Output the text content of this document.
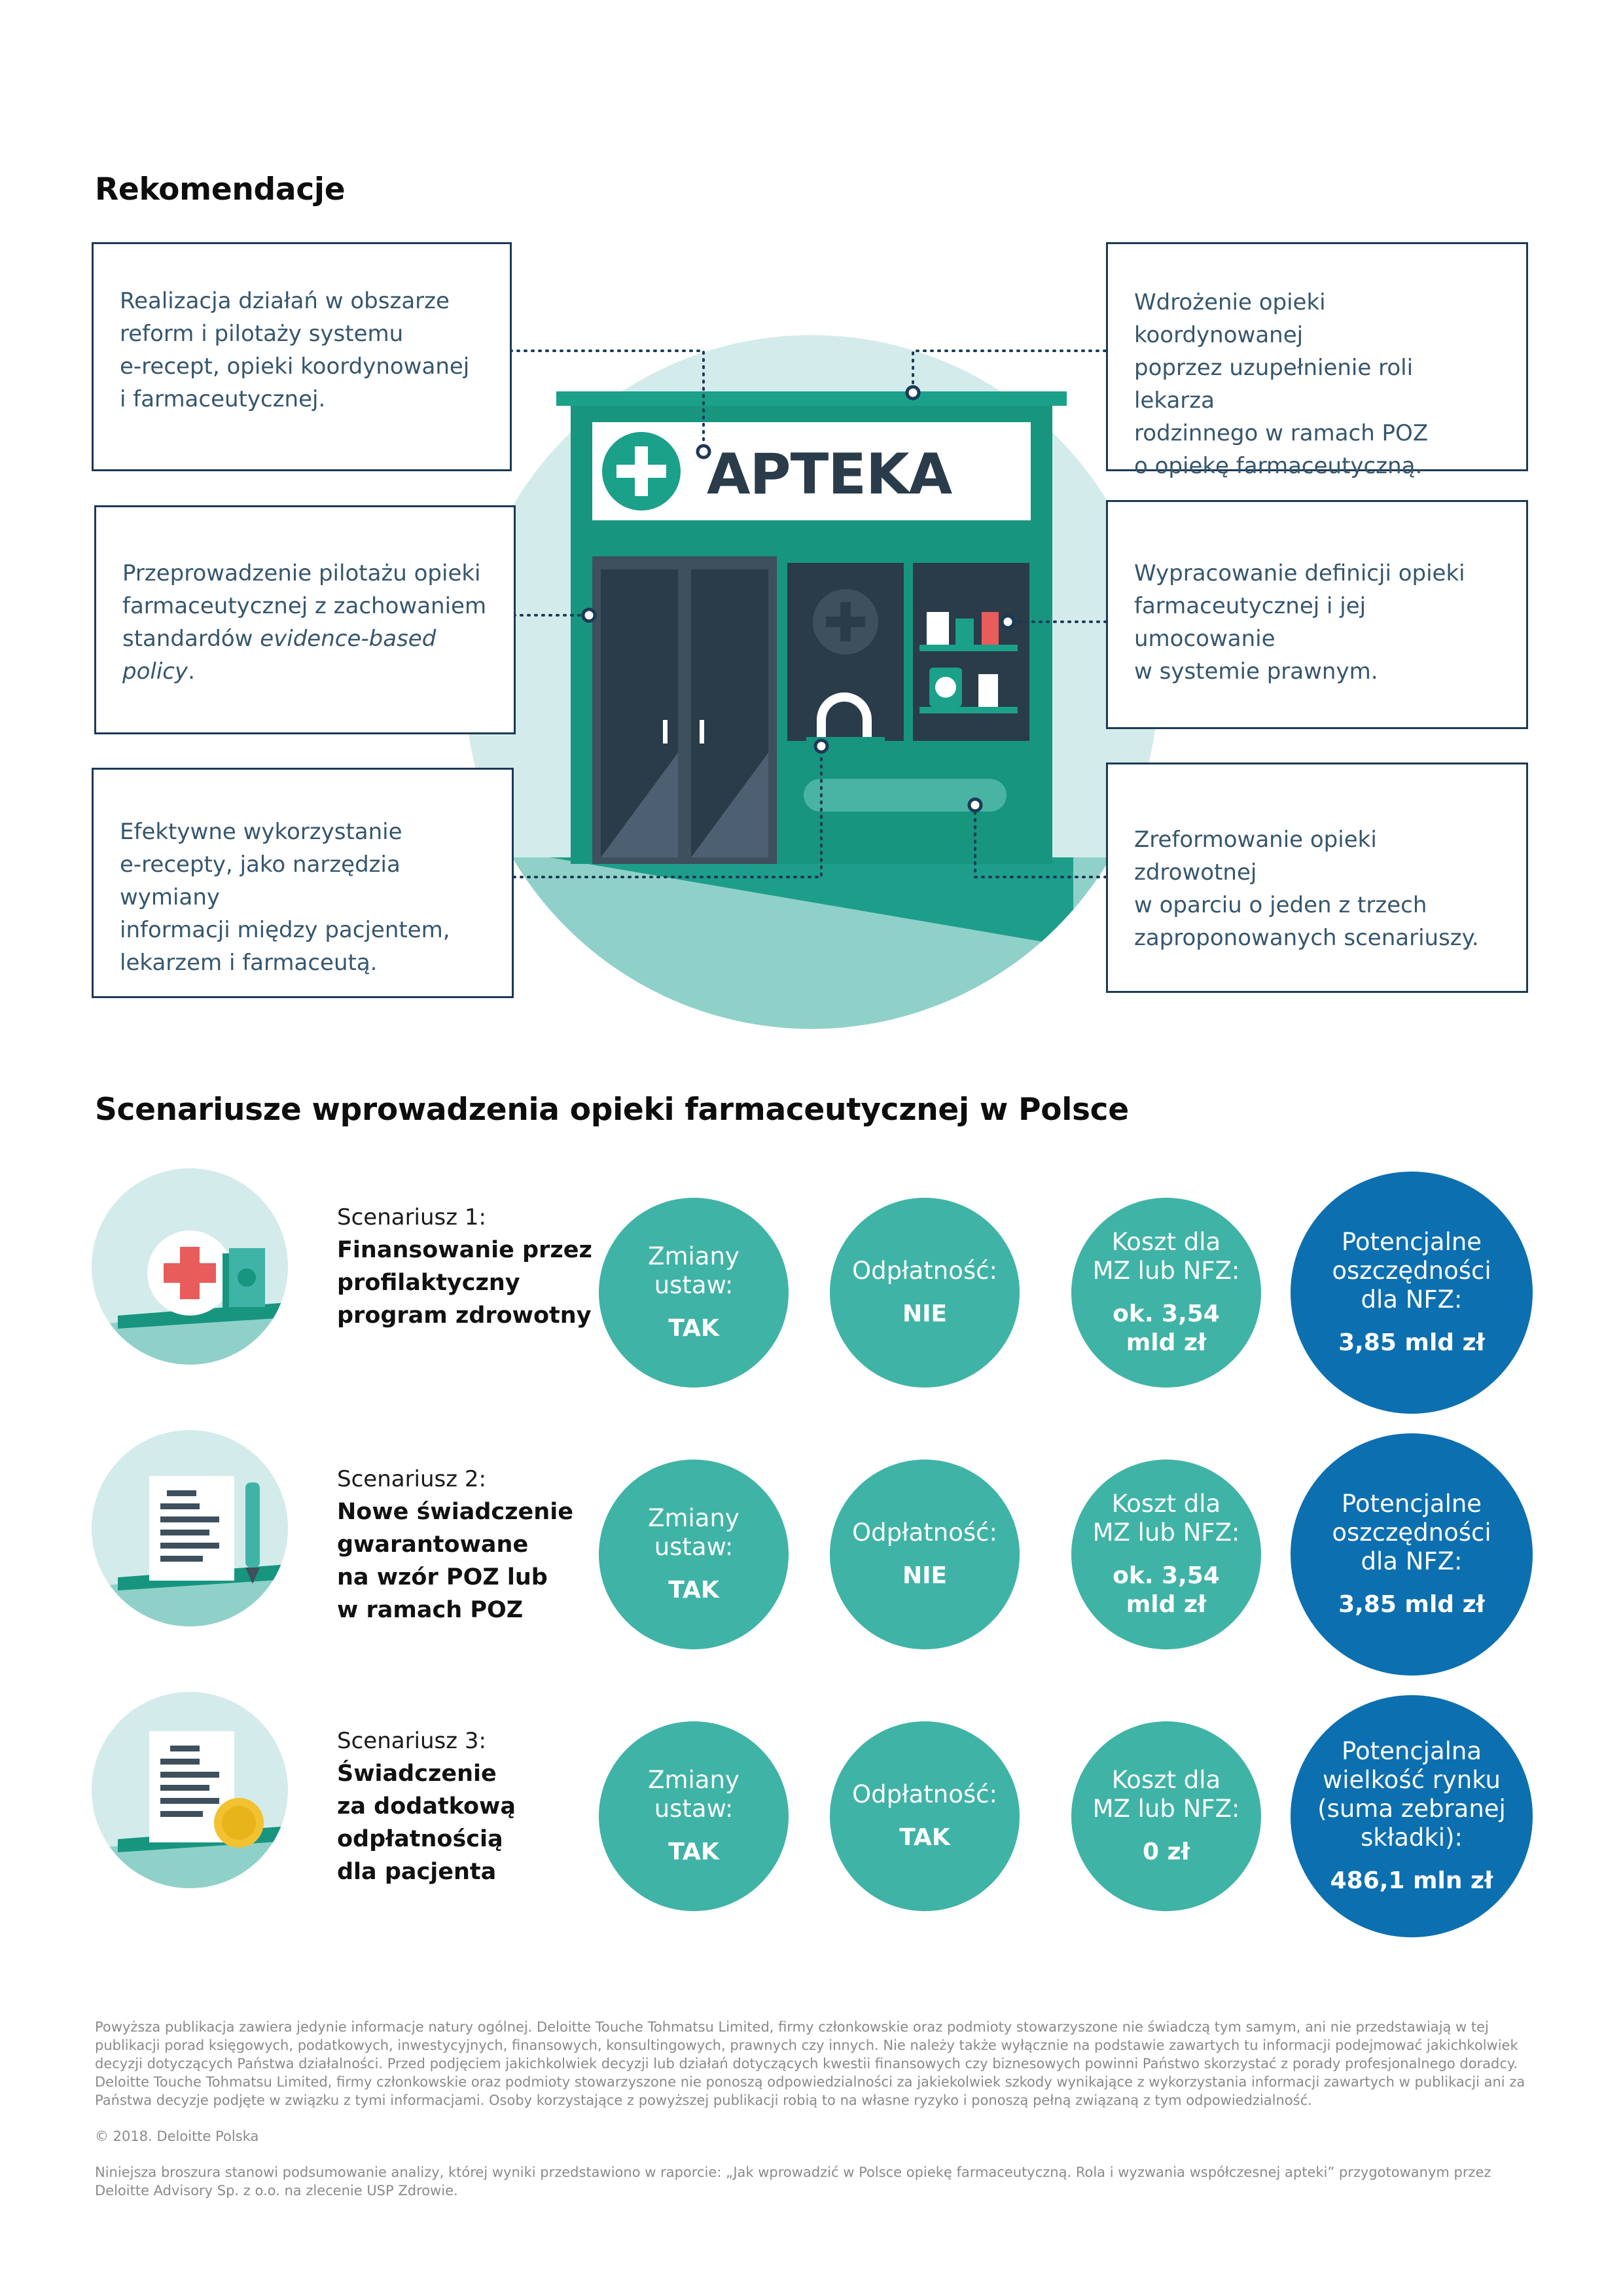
Rekomendacje
APTEKA

Realizacja działań w obszarze

reform i pilotaży systemu

e-recept, opieki koordynowanej

i farmaceutycznej.

Wdrożenie opieki koordynowanej

poprzez uzupełnienie roli lekarza

rodzinnego w ramach POZ

o opiekę farmaceutyczną.

Przeprowadzenie pilotażu opieki

farmaceutycznej z zachowaniem

standardów evidence-based policy.

Wypracowanie definicji opieki

farmaceutycznej i jej umocowanie

w systemie prawnym.

Efektywne wykorzystanie

e-recepty, jako narzędzia wymiany

informacji między pacjentem,

lekarzem i farmaceutą.

Zreformowanie opieki zdrowotnej

w oparciu o jeden z trzech

zaproponowanych scenariuszy.

Scenariusze wprowadzenia opieki farmaceutycznej w Polsce
Scenariusz 1:
Finansowanie przez
profilaktyczny
program zdrowotny
Zmiany
ustaw:
TAK
Odpłatność:
NIE
Koszt dla
MZ lub NFZ:
ok. 3,54
mld zł
Potencjalne
oszczędności
dla NFZ:
3,85 mld zł
Scenariusz 2:
Nowe świadczenie
gwarantowane
na wzór POZ lub
w ramach POZ
Zmiany
ustaw:
TAK
Odpłatność:
NIE
Koszt dla
MZ lub NFZ:
ok. 3,54
mld zł
Potencjalne
oszczędności
dla NFZ:
3,85 mld zł
Scenariusz 3:
Świadczenie
za dodatkową
odpłatnością
dla pacjenta
Zmiany
ustaw:
TAK
Odpłatność:
TAK
Koszt dla
MZ lub NFZ:
0 zł
Potencjalna
wielkość rynku
(suma zebranej
składki):
486,1 mln zł
Powyższa publikacja zawiera jedynie informacje natury ogólnej. Deloitte Touche Tohmatsu Limited, firmy członkowskie oraz podmioty stowarzyszone nie świadczą tym samym, ani nie przedstawiają w tej
publikacji porad księgowych, podatkowych, inwestycyjnych, finansowych, konsultingowych, prawnych czy innych. Nie należy także wyłącznie na podstawie zawartych tu informacji podejmować jakichkolwiek
decyzji dotyczących Państwa działalności. Przed podjęciem jakichkolwiek decyzji lub działań dotyczących kwestii finansowych czy biznesowych powinni Państwo skorzystać z porady profesjonalnego doradcy.
Deloitte Touche Tohmatsu Limited, firmy członkowskie oraz podmioty stowarzyszone nie ponoszą odpowiedzialności za jakiekolwiek szkody wynikające z wykorzystania informacji zawartych w publikacji ani za
Państwa decyzje podjęte w związku z tymi informacjami. Osoby korzystające z powyższej publikacji robią to na własne ryzyko i ponoszą pełną związaną z tym odpowiedzialność.
© 2018. Deloitte Polska
Niniejsza broszura stanowi podsumowanie analizy, której wyniki przedstawiono w raporcie: „Jak wprowadzić w Polsce opiekę farmaceutyczną. Rola i wyzwania współczesnej apteki” przygotowanym przez
Deloitte Advisory Sp. z o.o. na zlecenie USP Zdrowie.
